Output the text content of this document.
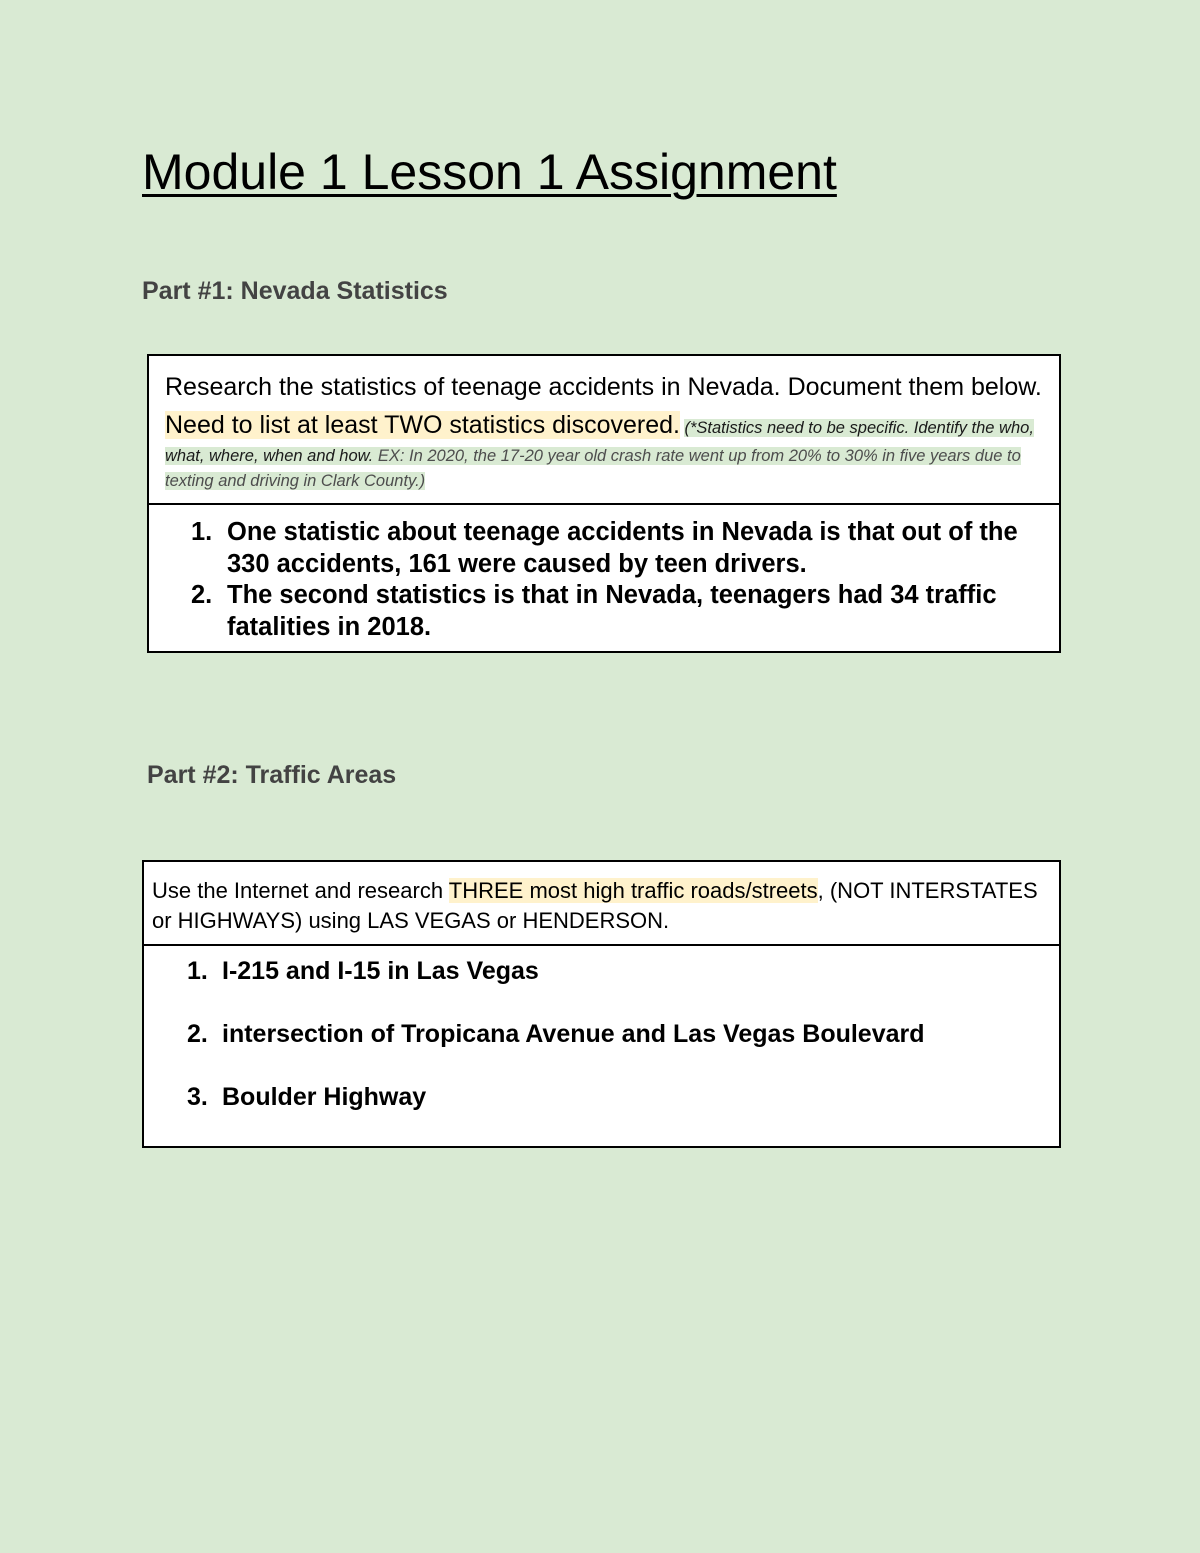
Module 1 Lesson 1 Assignment
Part #1: Nevada Statistics
Research the statistics of teenage accidents in Nevada. Document them below. Need to list at least TWO statistics discovered. (*Statistics need to be specific. Identify the who, what, where, when and how. EX: In 2020, the 17-20 year old crash rate went up from 20% to 30% in five years due to texting and driving in Clark County.)
1. One statistic about teenage accidents in Nevada is that out of the 330 accidents, 161 were caused by teen drivers.
2. The second statistics is that in Nevada, teenagers had 34 traffic fatalities in 2018.
Part #2: Traffic Areas
Use the Internet and research THREE most high traffic roads/streets, (NOT INTERSTATES or HIGHWAYS) using LAS VEGAS or HENDERSON.
1. I-215 and I-15 in Las Vegas
2. intersection of Tropicana Avenue and Las Vegas Boulevard
3. Boulder Highway
